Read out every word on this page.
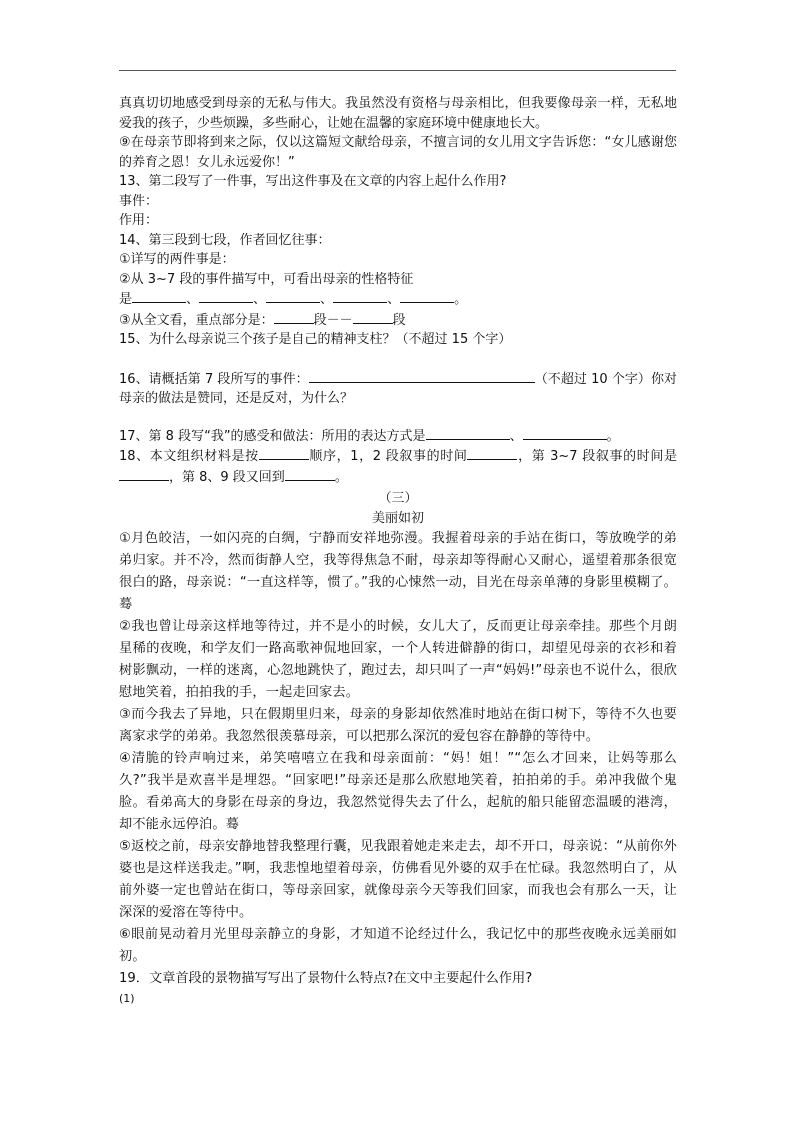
真真切切地感受到母亲的无私与伟大。我虽然没有资格与母亲相比，但我要像母亲一样，无私地爱我的孩子，少些烦躁，多些耐心，让她在温馨的家庭环境中健康地长大。

⑨在母亲节即将到来之际，仅以这篇短文献给母亲，不擅言词的女儿用文字告诉您：“女儿感谢您的养育之恩！女儿永远爱你！”

13、第二段写了一件事，写出这件事及在文章的内容上起什么作用?

事件：

作用：

14、第三段到七段，作者回忆往事：

①详写的两件事是：

②从 3~7 段的事件描写中，可看出母亲的性格特征

是	、	、	、	、	。

③从全文看，重点部分是：	段－－	段

15、为什么母亲说三个孩子是自己的精神支柱？（不超过 15 个字）

16、请概括第 7 段所写的事件：	（不超过 10 个字）你对母亲的做法是赞同，还是反对，为什么？

17、第 8 段写“我”的感受和做法：所用的表达方式是	、	。

18、本文组织材料是按	顺序，1，2 段叙事的时间	，第 3~7 段叙事的时间是，第 8、9 段又回到	。

（三）

美丽如初

①月色皎洁，一如闪亮的白绸，宁静而安祥地弥漫。我握着母亲的手站在街口，等放晚学的弟弟归家。并不冷，然而街静人空，我等得焦急不耐，母亲却等得耐心又耐心，遥望着那条很宽很白的路，母亲说：“一直这样等，惯了。”我的心悚然一动，目光在母亲单薄的身影里模糊了。蓦

②我也曾让母亲这样地等待过，并不是小的时候，女儿大了，反而更让母亲牵挂。那些个月朗星稀的夜晚，和学友们一路高歌神侃地回家，一个人转进僻静的街口，却望见母亲的衣衫和着树影飘动，一样的迷离，心忽地跳快了，跑过去，却只叫了一声“妈妈!”母亲也不说什么，很欣慰地笑着，拍拍我的手，一起走回家去。

③而今我去了异地，只在假期里归来，母亲的身影却依然准时地站在街口树下，等待不久也要离家求学的弟弟。我忽然很羡慕母亲，可以把那么深沉的爱包容在静静的等待中。

④清脆的铃声响过来，弟笑嘻嘻立在我和母亲面前：“妈！姐！”“怎么才回来，让妈等那么久?”我半是欢喜半是埋怨。“回家吧!”母亲还是那么欣慰地笑着，拍拍弟的手。弟冲我做个鬼脸。看弟高大的身影在母亲的身边，我忽然觉得失去了什么，起航的船只能留恋温暖的港湾，却不能永远停泊。蓦

⑤返校之前，母亲安静地替我整理行囊，见我跟着她走来走去，却不开口，母亲说：“从前你外婆也是这样送我走。”啊，我悲惶地望着母亲，仿佛看见外婆的双手在忙碌。我忽然明白了，从前外婆一定也曾站在街口，等母亲回家，就像母亲今天等我们回家，而我也会有那么一天，让深深的爱溶在等待中。

⑥眼前晃动着月光里母亲静立的身影，才知道不论经过什么，我记忆中的那些夜晚永远美丽如初。

19．文章首段的景物描写写出了景物什么特点?在文中主要起什么作用?

(1)
